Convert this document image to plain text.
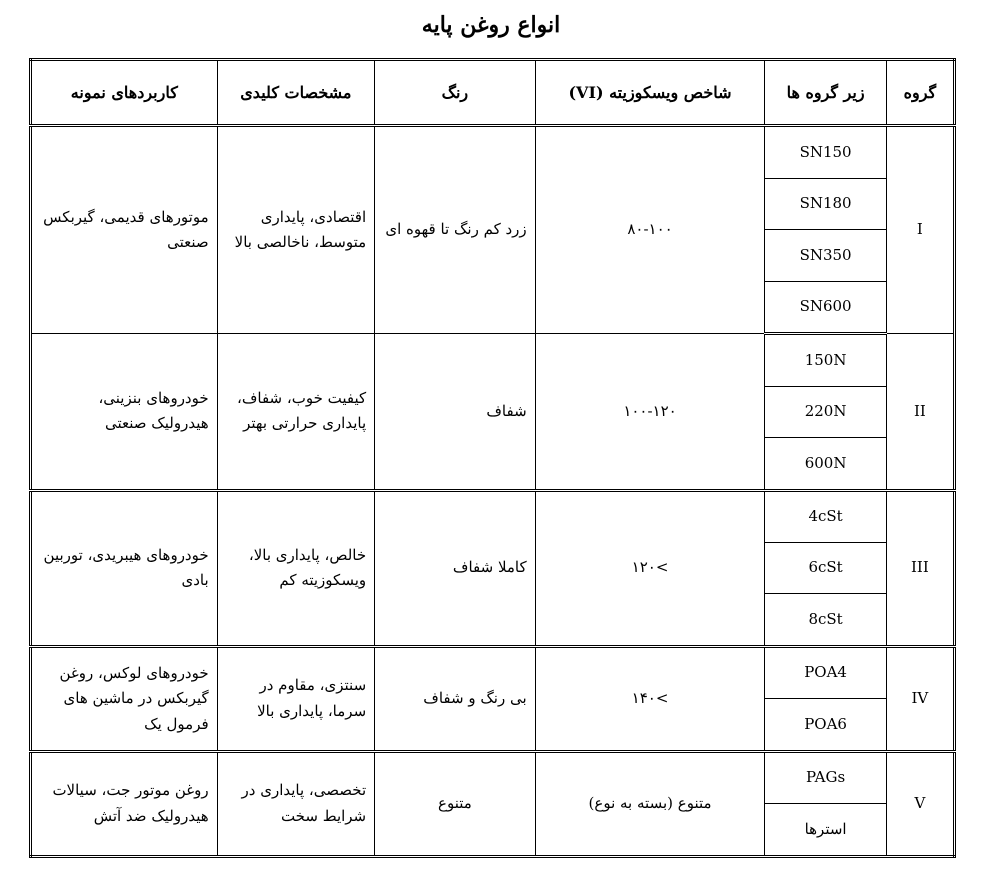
انواع روغن پایه
گروه	زیر گروه ها	شاخص ویسکوزیته (VI)	رنگ	مشخصات کلیدی	کاربردهای نمونه
I	SN150	۸۰-۱۰۰	زرد کم رنگ تا قهوه ای	اقتصادی، پایداری متوسط، ناخالصی بالا	موتورهای قدیمی، گیربکس صنعتی
	SN180				
	SN350				
	SN600				
II	150N	۱۰۰-۱۲۰	شفاف	کیفیت خوب، شفاف، پایداری حرارتی بهتر	خودروهای بنزینی، هیدرولیک صنعتی
	220N				
	600N				
III	4cSt	>۱۲۰	کاملا شفاف	خالص، پایداری بالا، ویسکوزیته کم	خودروهای هیبریدی، توربین بادی
	6cSt				
	8cSt				
IV	POA4	>۱۴۰	بی رنگ و شفاف	سنتزی، مقاوم در سرما، پایداری بالا	خودروهای لوکس، روغن گیربکس در ماشین های فرمول یک
	POA6				
V	PAGs	متنوع (بسته به نوع)	متنوع	تخصصی، پایداری در شرایط سخت	روغن موتور جت، سیالات هیدرولیک ضد آتش
	استرها				
